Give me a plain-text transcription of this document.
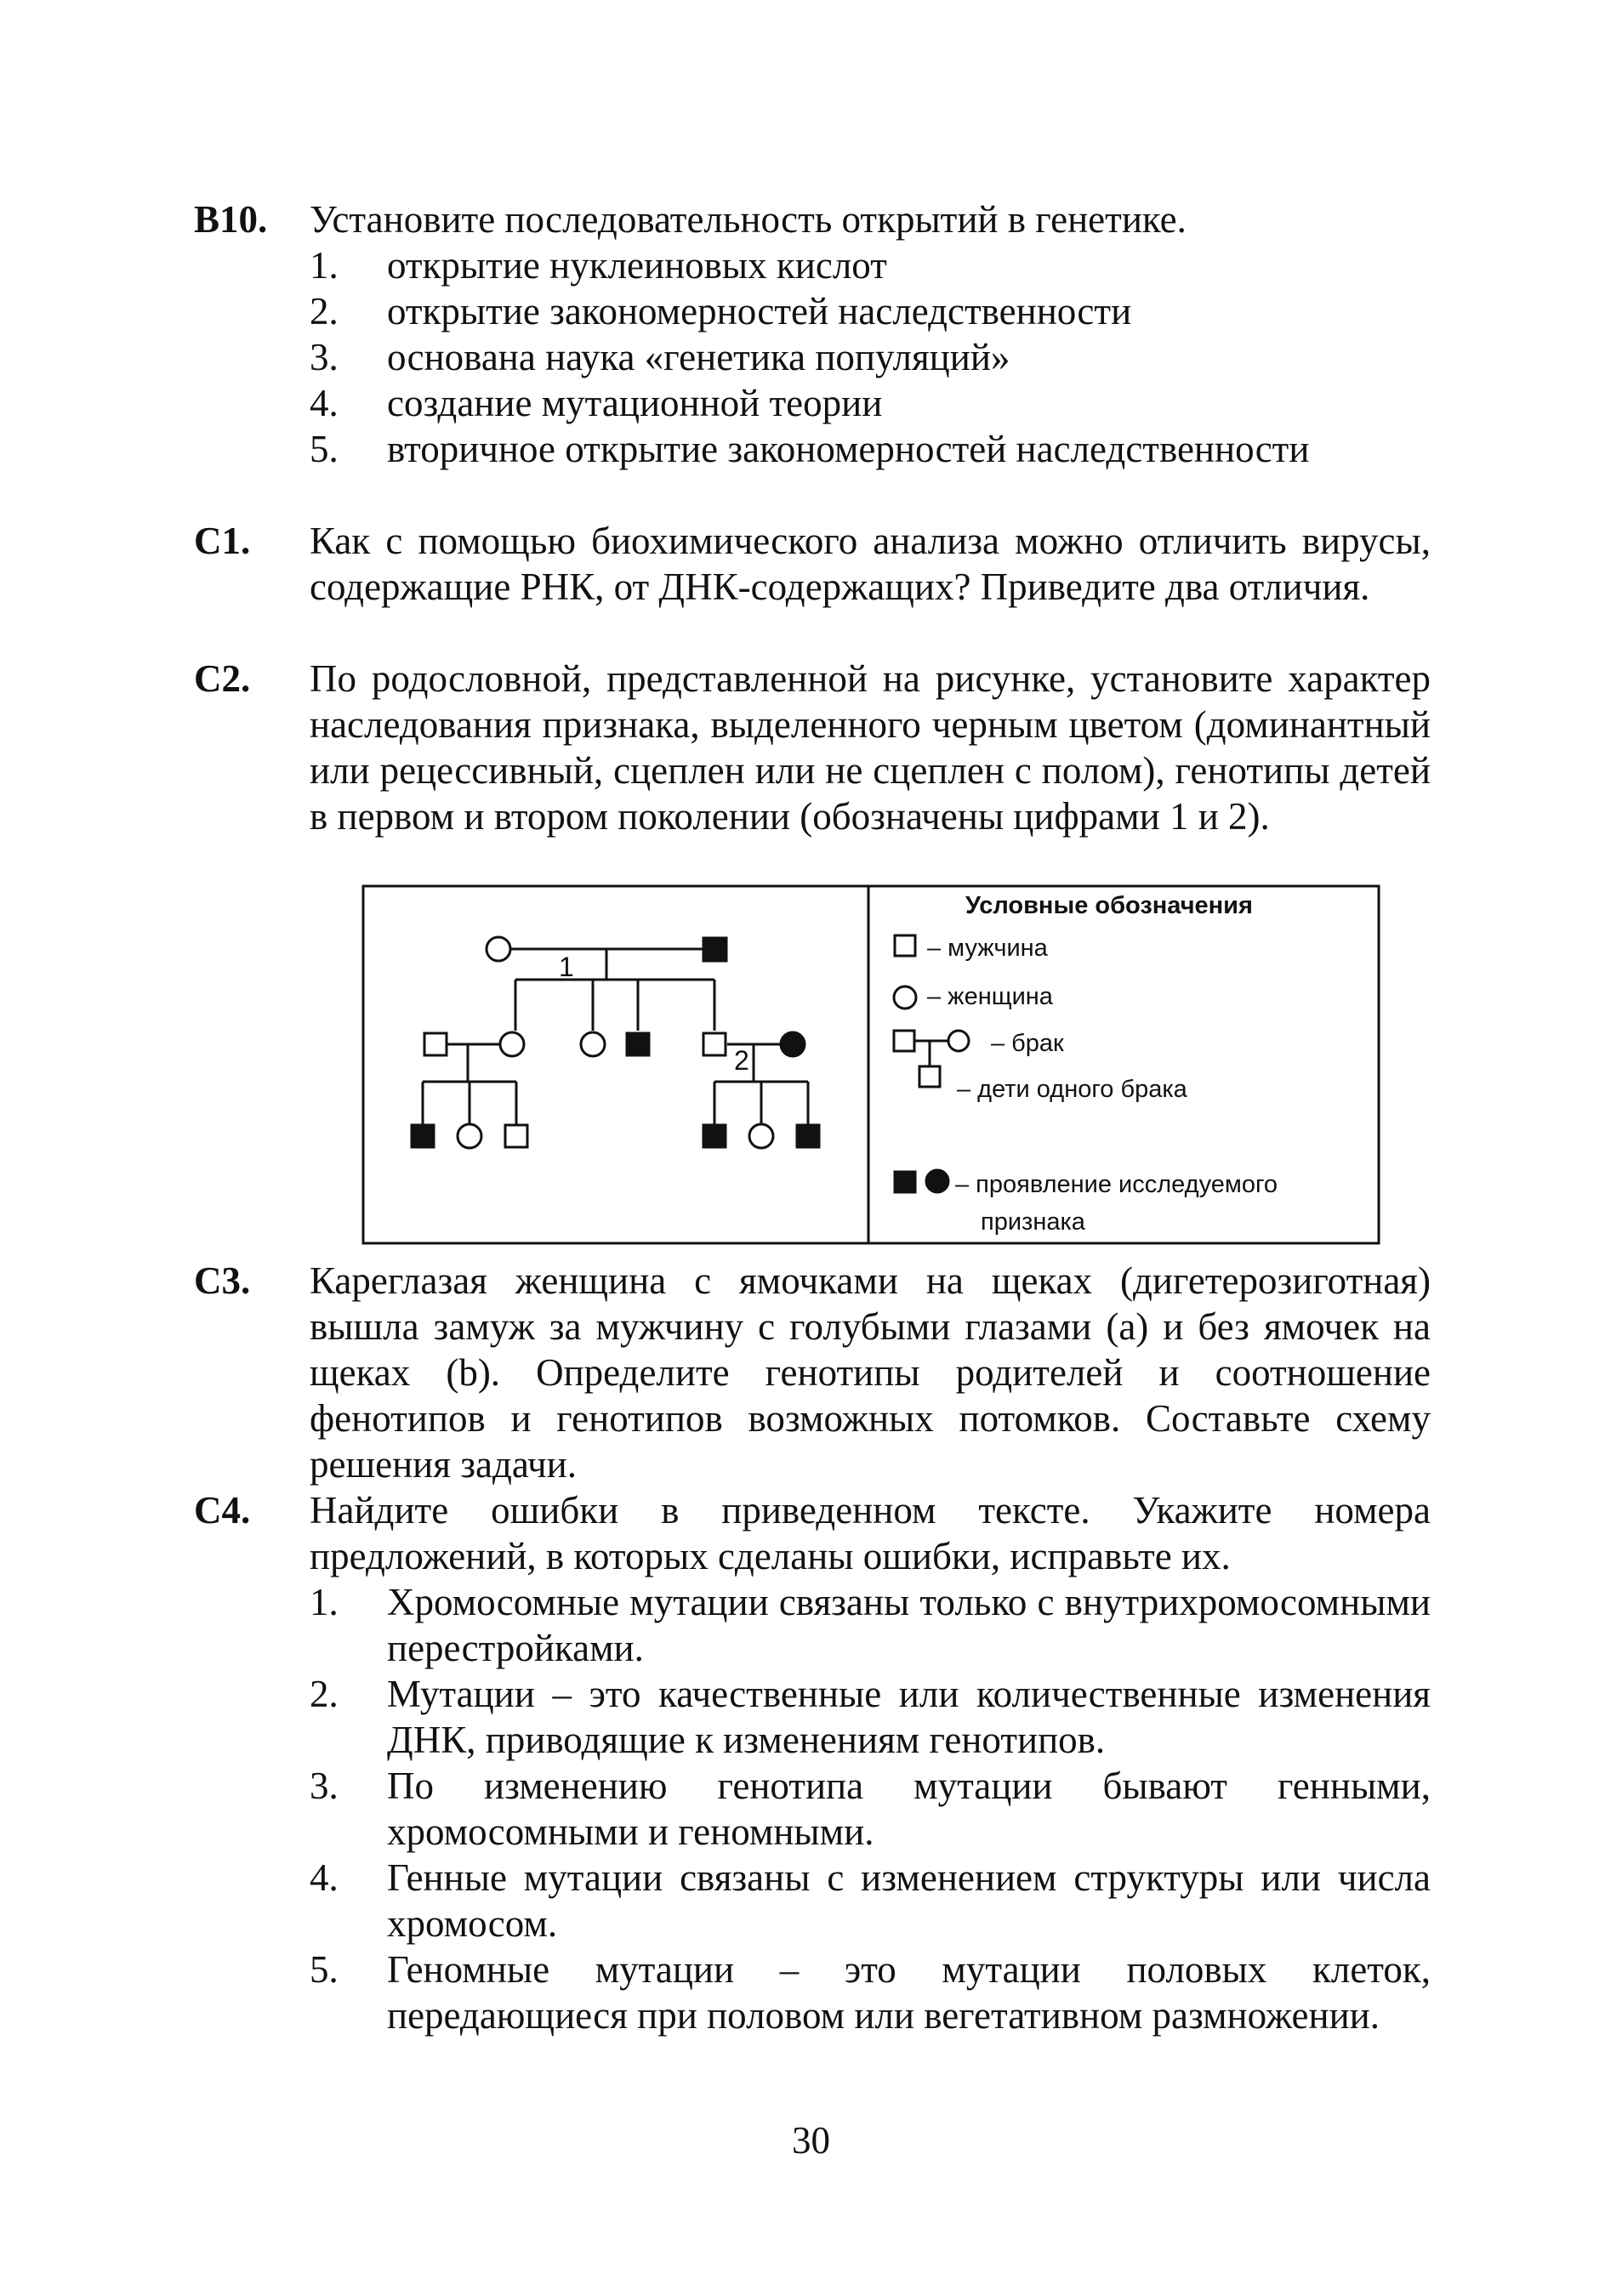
B10. Установите последовательность открытий в генетике.
1. открытие нуклеиновых кислот
2. открытие закономерностей наследственности
3. основана наука «генетика популяций»
4. создание мутационной теории
5. вторичное открытие закономерностей наследственности
C1. Как с помощью биохимического анализа можно отличить вирусы, содержащие РНК, от ДНК-содержащих? Приведите два отличия.
C2. По родословной, представленной на рисунке, установите характер наследования признака, выделенного черным цветом (доминантный или рецессивный, сцеплен или не сцеплен с полом), генотипы детей в первом и втором поколении (обозначены цифрами 1 и 2).
1
2
Условные обозначения
– мужчина
– женщина
– брак
– дети одного брака
– проявление исследуемого
признака
C3. Кареглазая женщина с ямочками на щеках (дигетерозиготная) вышла замуж за мужчину с голубыми глазами (a) и без ямочек на щеках (b). Определите генотипы родителей и соотношение фенотипов и генотипов возможных потомков. Составьте схему решения задачи.
C4. Найдите ошибки в приведенном тексте. Укажите номера предложений, в которых сделаны ошибки, исправьте их.
1. Хромосомные мутации связаны только с внутрихромосомными перестройками.
2. Мутации – это качественные или количественные изменения ДНК, приводящие к изменениям генотипов.
3. По изменению генотипа мутации бывают генными, хромосомными и геномными.
4. Генные мутации связаны с изменением структуры или числа хромосом.
5. Геномные мутации – это мутации половых клеток, передающиеся при половом или вегетативном размножении.
30
